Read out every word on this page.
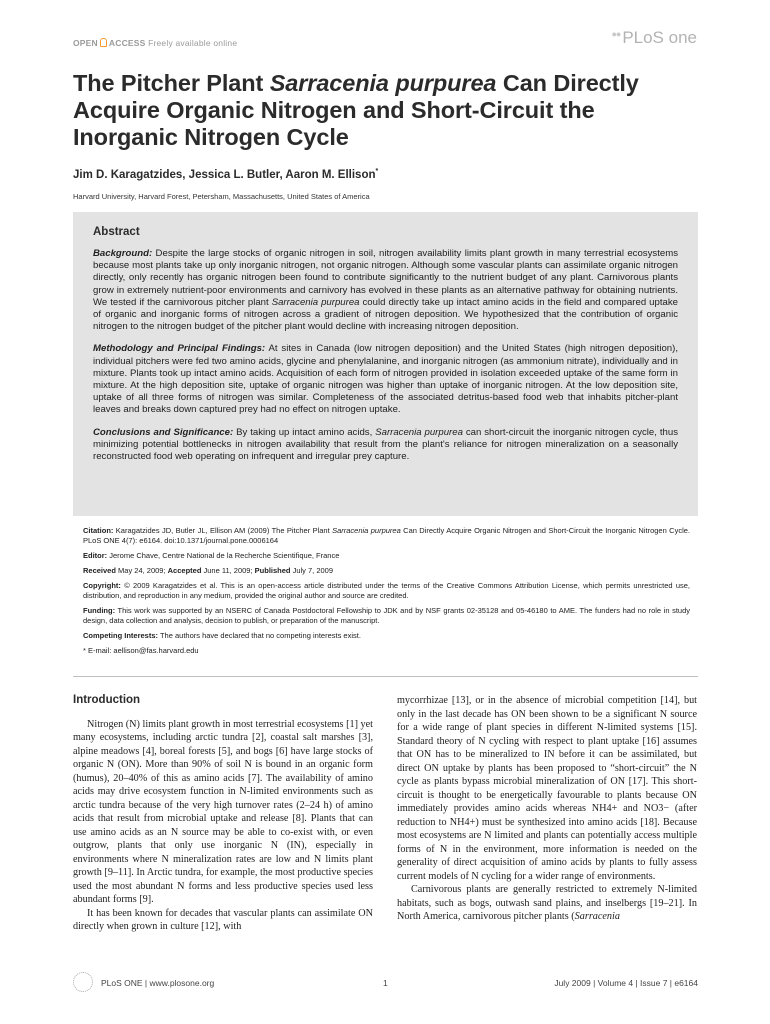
OPEN ACCESS Freely available online
●● PLoS one
The Pitcher Plant Sarracenia purpurea Can Directly Acquire Organic Nitrogen and Short-Circuit the Inorganic Nitrogen Cycle
Jim D. Karagatzides, Jessica L. Butler, Aaron M. Ellison*
Harvard University, Harvard Forest, Petersham, Massachusetts, United States of America
Abstract

Background: Despite the large stocks of organic nitrogen in soil, nitrogen availability limits plant growth in many terrestrial ecosystems because most plants take up only inorganic nitrogen, not organic nitrogen. Although some vascular plants can assimilate organic nitrogen directly, only recently has organic nitrogen been found to contribute significantly to the nutrient budget of any plant. Carnivorous plants grow in extremely nutrient-poor environments and carnivory has evolved in these plants as an alternative pathway for obtaining nutrients. We tested if the carnivorous pitcher plant Sarracenia purpurea could directly take up intact amino acids in the field and compared uptake of organic and inorganic forms of nitrogen across a gradient of nitrogen deposition. We hypothesized that the contribution of organic nitrogen to the nitrogen budget of the pitcher plant would decline with increasing nitrogen deposition.

Methodology and Principal Findings: At sites in Canada (low nitrogen deposition) and the United States (high nitrogen deposition), individual pitchers were fed two amino acids, glycine and phenylalanine, and inorganic nitrogen (as ammonium nitrate), individually and in mixture. Plants took up intact amino acids. Acquisition of each form of nitrogen provided in isolation exceeded uptake of the same form in mixture. At the high deposition site, uptake of organic nitrogen was higher than uptake of inorganic nitrogen. At the low deposition site, uptake of all three forms of nitrogen was similar. Completeness of the associated detritus-based food web that inhabits pitcher-plant leaves and breaks down captured prey had no effect on nitrogen uptake.

Conclusions and Significance: By taking up intact amino acids, Sarracenia purpurea can short-circuit the inorganic nitrogen cycle, thus minimizing potential bottlenecks in nitrogen availability that result from the plant's reliance for nitrogen mineralization on a seasonally reconstructed food web operating on infrequent and irregular prey capture.

Citation: Karagatzides JD, Butler JL, Ellison AM (2009) The Pitcher Plant Sarracenia purpurea Can Directly Acquire Organic Nitrogen and Short-Circuit the Inorganic Nitrogen Cycle. PLoS ONE 4(7): e6164. doi:10.1371/journal.pone.0006164

Editor: Jerome Chave, Centre National de la Recherche Scientifique, France

Received May 24, 2009; Accepted June 11, 2009; Published July 7, 2009

Copyright: © 2009 Karagatzides et al. This is an open-access article distributed under the terms of the Creative Commons Attribution License, which permits unrestricted use, distribution, and reproduction in any medium, provided the original author and source are credited.

Funding: This work was supported by an NSERC of Canada Postdoctoral Fellowship to JDK and by NSF grants 02-35128 and 05-46180 to AME. The funders had no role in study design, data collection and analysis, decision to publish, or preparation of the manuscript.

Competing Interests: The authors have declared that no competing interests exist.

* E-mail: aellison@fas.harvard.edu

Introduction

Nitrogen (N) limits plant growth in most terrestrial ecosystems [1] yet many ecosystems, including arctic tundra [2], coastal salt marshes [3], alpine meadows [4], boreal forests [5], and bogs [6] have large stocks of organic N (ON). More than 90% of soil N is bound in an organic form (humus), 20–40% of this as amino acids [7]. The availability of amino acids may drive ecosystem function in N-limited environments such as arctic tundra because of the very high turnover rates (2–24 h) of amino acids that result from microbial uptake and release [8]. Plants that can use amino acids as an N source may be able to co-exist with, or even outgrow, plants that only use inorganic N (IN), especially in environments where N mineralization rates are low and N limits plant growth [9–11]. In Arctic tundra, for example, the most productive species used the most abundant N forms and less productive species used less abundant forms [9].

It has been known for decades that vascular plants can assimilate ON directly when grown in culture [12], with

mycorrhizae [13], or in the absence of microbial competition [14], but only in the last decade has ON been shown to be a significant N source for a wide range of plant species in different N-limited systems [15]. Standard theory of N cycling with respect to plant uptake [16] assumes that ON has to be mineralized to IN before it can be assimilated, but direct ON uptake by plants has been proposed to “short-circuit” the N cycle as plants bypass microbial mineralization of ON [17]. This short-circuit is thought to be energetically favourable to plants because ON immediately provides amino acids whereas NH4+ and NO3− (after reduction to NH4+) must be synthesized into amino acids [18]. Because most ecosystems are N limited and plants can potentially access multiple forms of N in the environment, more information is needed on the generality of direct acquisition of amino acids by plants to fully assess current models of N cycling for a wider range of environments.

Carnivorous plants are generally restricted to extremely N-limited habitats, such as bogs, outwash sand plains, and inselbergs [19–21]. In North America, carnivorous pitcher plants (Sarracenia

PLoS ONE | www.plosone.org	1	July 2009 | Volume 4 | Issue 7 | e6164
